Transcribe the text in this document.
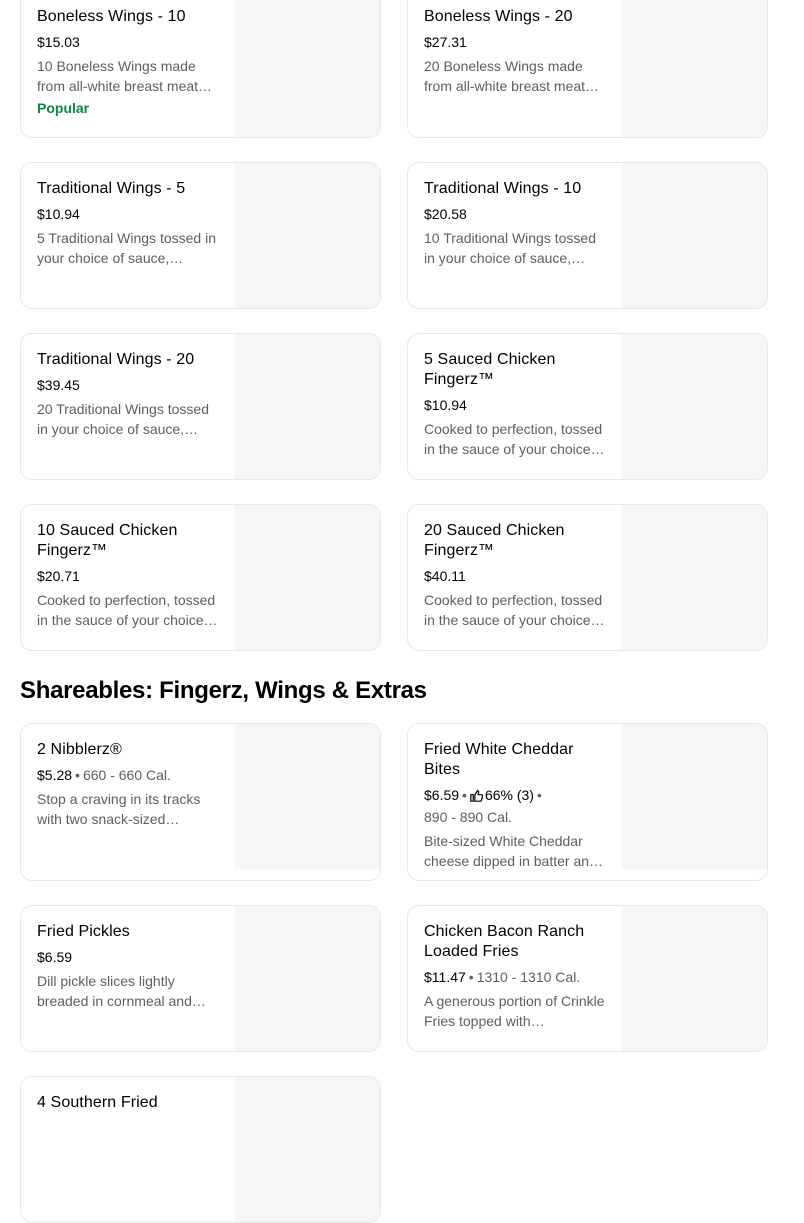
Boneless Wings - 10
$15.03
10 Boneless Wings made from all-white breast meat…
Popular
Boneless Wings - 20
$27.31
20 Boneless Wings made from all-white breast meat…
Traditional Wings - 5
$10.94
5 Traditional Wings tossed in your choice of sauce,…
Traditional Wings - 10
$20.58
10 Traditional Wings tossed in your choice of sauce,…
Traditional Wings - 20
$39.45
20 Traditional Wings tossed in your choice of sauce,…
5 Sauced Chicken Fingerz™
$10.94
Cooked to perfection, tossed in the sauce of your choice…
10 Sauced Chicken Fingerz™
$20.71
Cooked to perfection, tossed in the sauce of your choice…
20 Sauced Chicken Fingerz™
$40.11
Cooked to perfection, tossed in the sauce of your choice…
Shareables: Fingerz, Wings & Extras
2 Nibblerz®
$5.28 • 660 - 660 Cal.
Stop a craving in its tracks with two snack-sized…
Fried White Cheddar Bites
$6.59 • 66% (3) •
890 - 890 Cal.
Bite-sized White Cheddar cheese dipped in batter an…
Fried Pickles
$6.59
Dill pickle slices lightly breaded in cornmeal and…
Chicken Bacon Ranch Loaded Fries
$11.47 • 1310 - 1310 Cal.
A generous portion of Crinkle Fries topped with…
4 Southern Fried
